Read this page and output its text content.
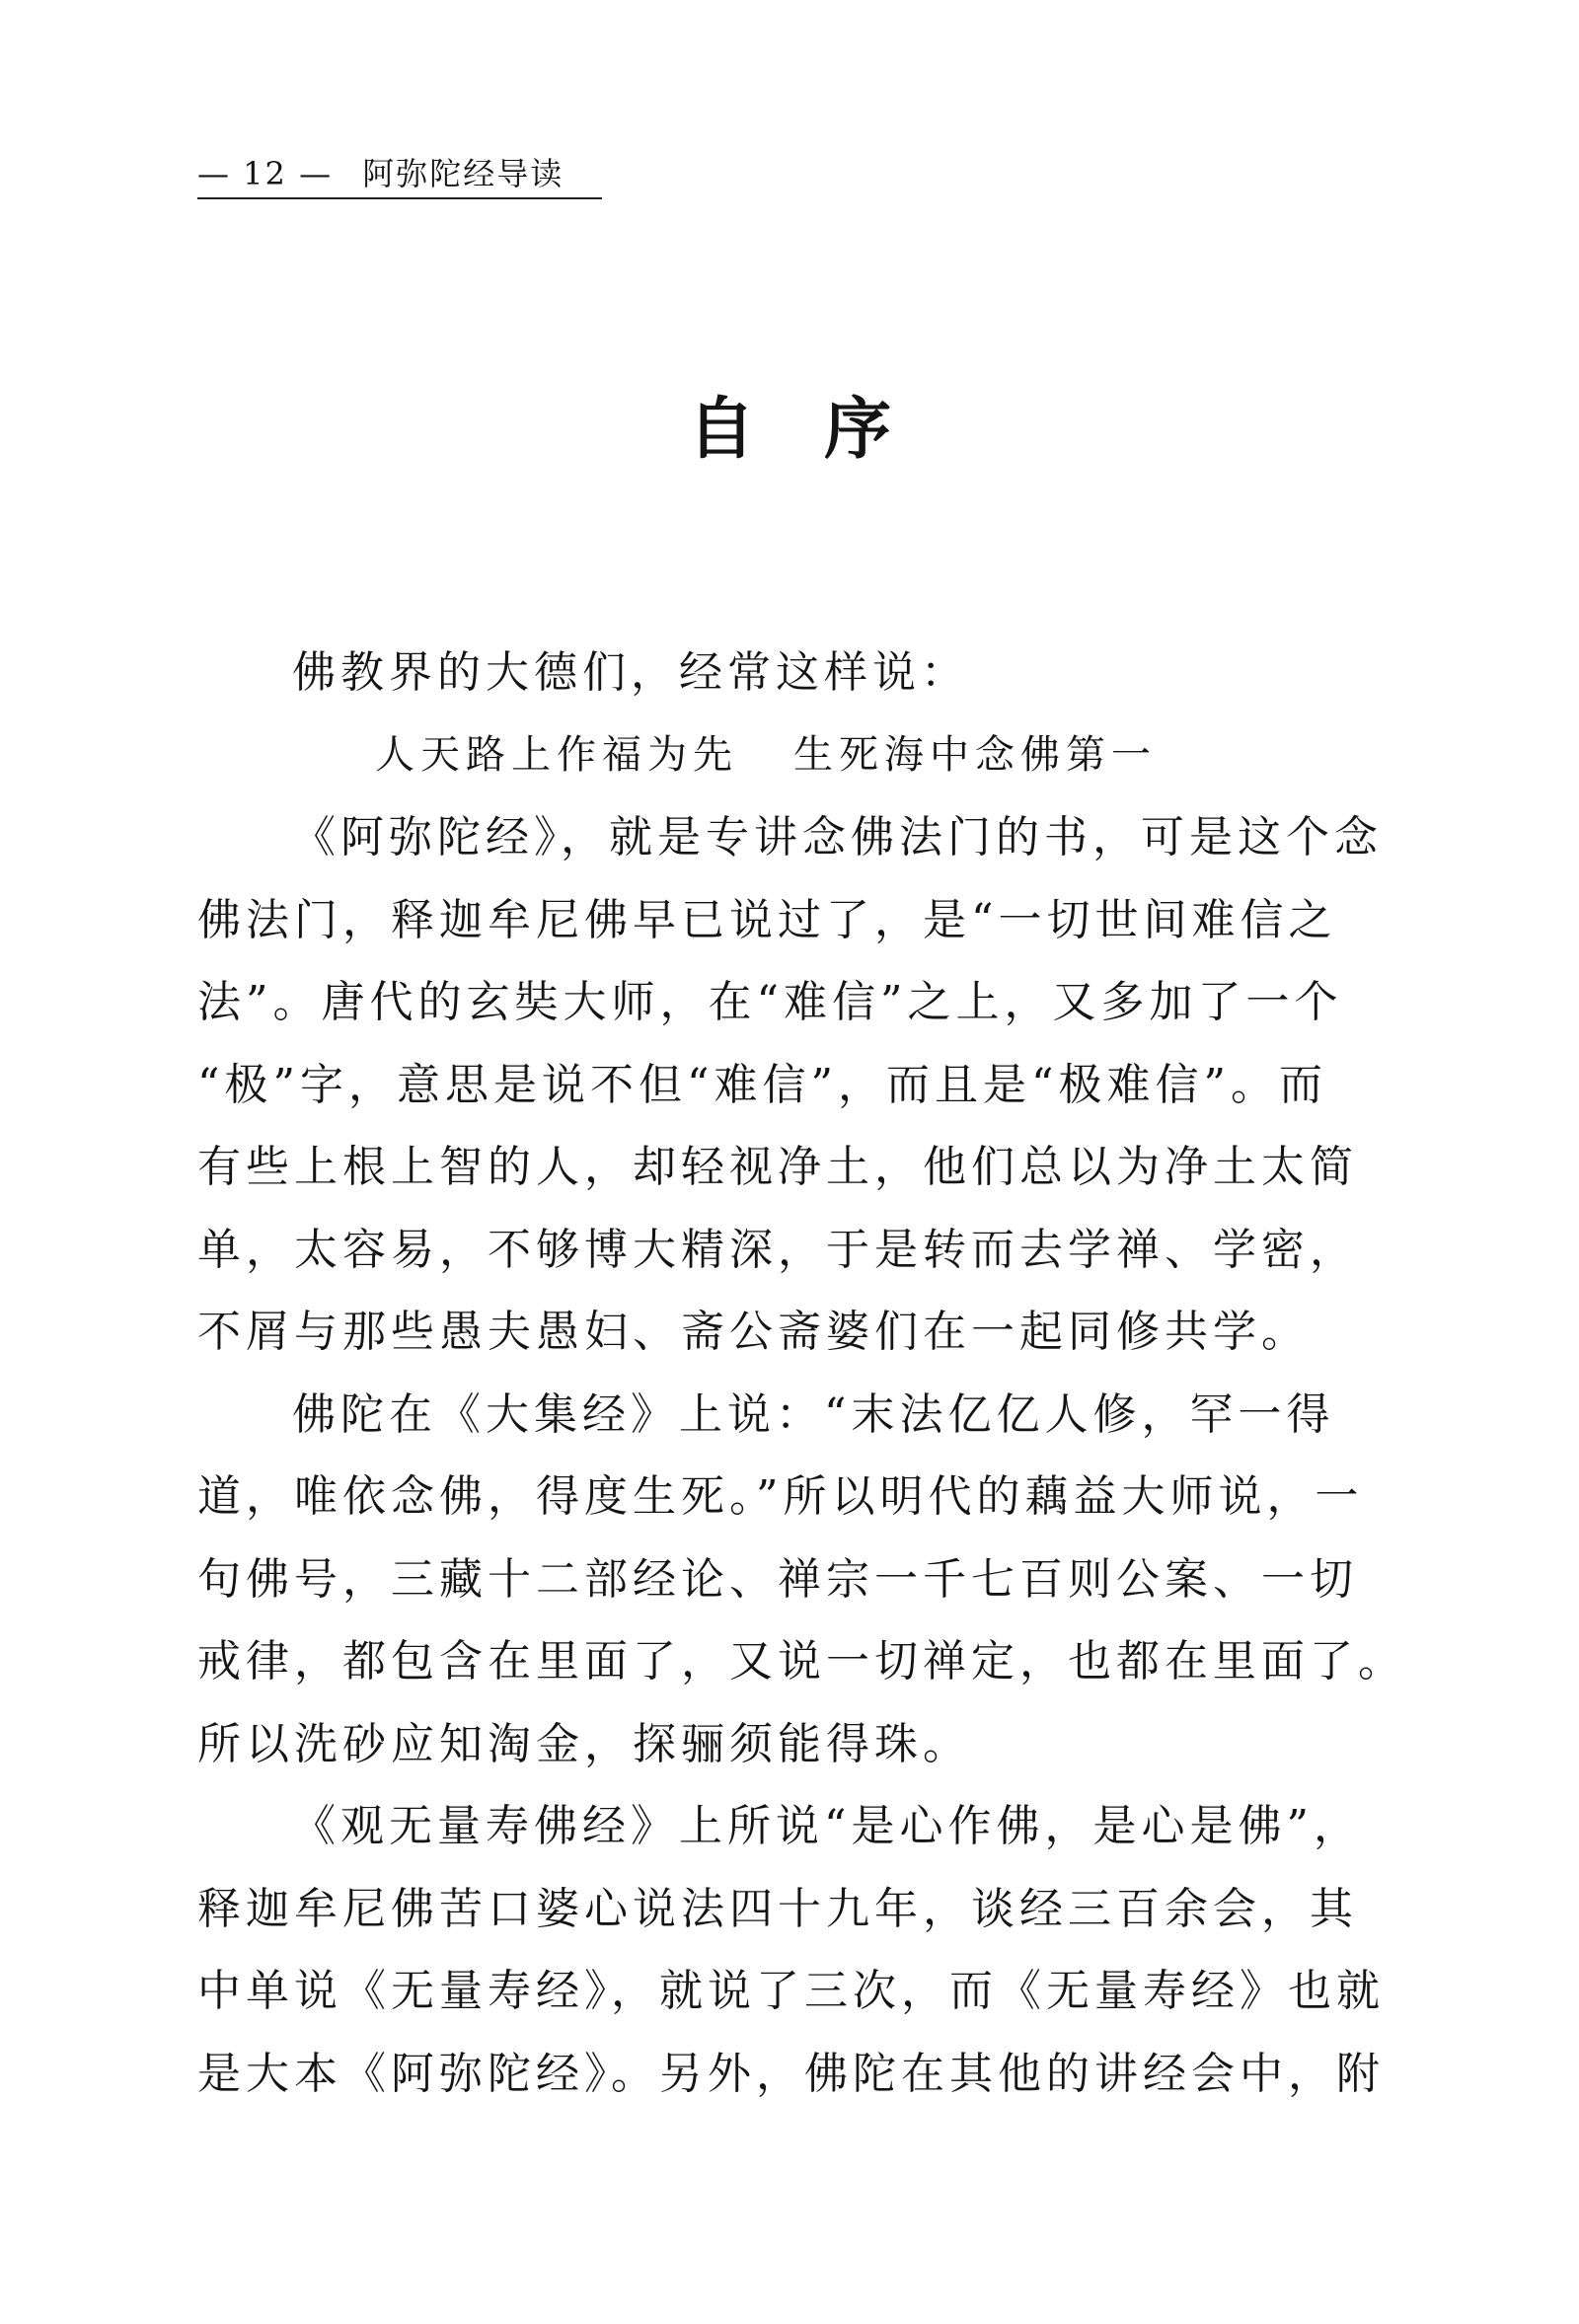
— 12 — 阿弥陀经导读
自序
佛教界的大德们，经常这样说：
人天路上作福为先 生死海中念佛第一
《阿弥陀经》，就是专讲念佛法门的书，可是这个念
佛法门，释迦牟尼佛早已说过了，是“一切世间难信之
法”。唐代的玄奘大师，在“难信”之上，又多加了一个
“极”字，意思是说不但“难信”，而且是“极难信”。而
有些上根上智的人，却轻视净土，他们总以为净土太简
单，太容易，不够博大精深，于是转而去学禅、学密，
不屑与那些愚夫愚妇、斋公斋婆们在一起同修共学。
佛陀在《大集经》上说：“末法亿亿人修，罕一得
道，唯依念佛，得度生死。”所以明代的藕益大师说，一
句佛号，三藏十二部经论、禅宗一千七百则公案、一切
戒律，都包含在里面了，又说一切禅定，也都在里面了。
所以洗砂应知淘金，探骊须能得珠。
《观无量寿佛经》上所说“是心作佛，是心是佛”，
释迦牟尼佛苦口婆心说法四十九年，谈经三百余会，其
中单说《无量寿经》，就说了三次，而《无量寿经》也就
是大本《阿弥陀经》。另外，佛陀在其他的讲经会中，附
